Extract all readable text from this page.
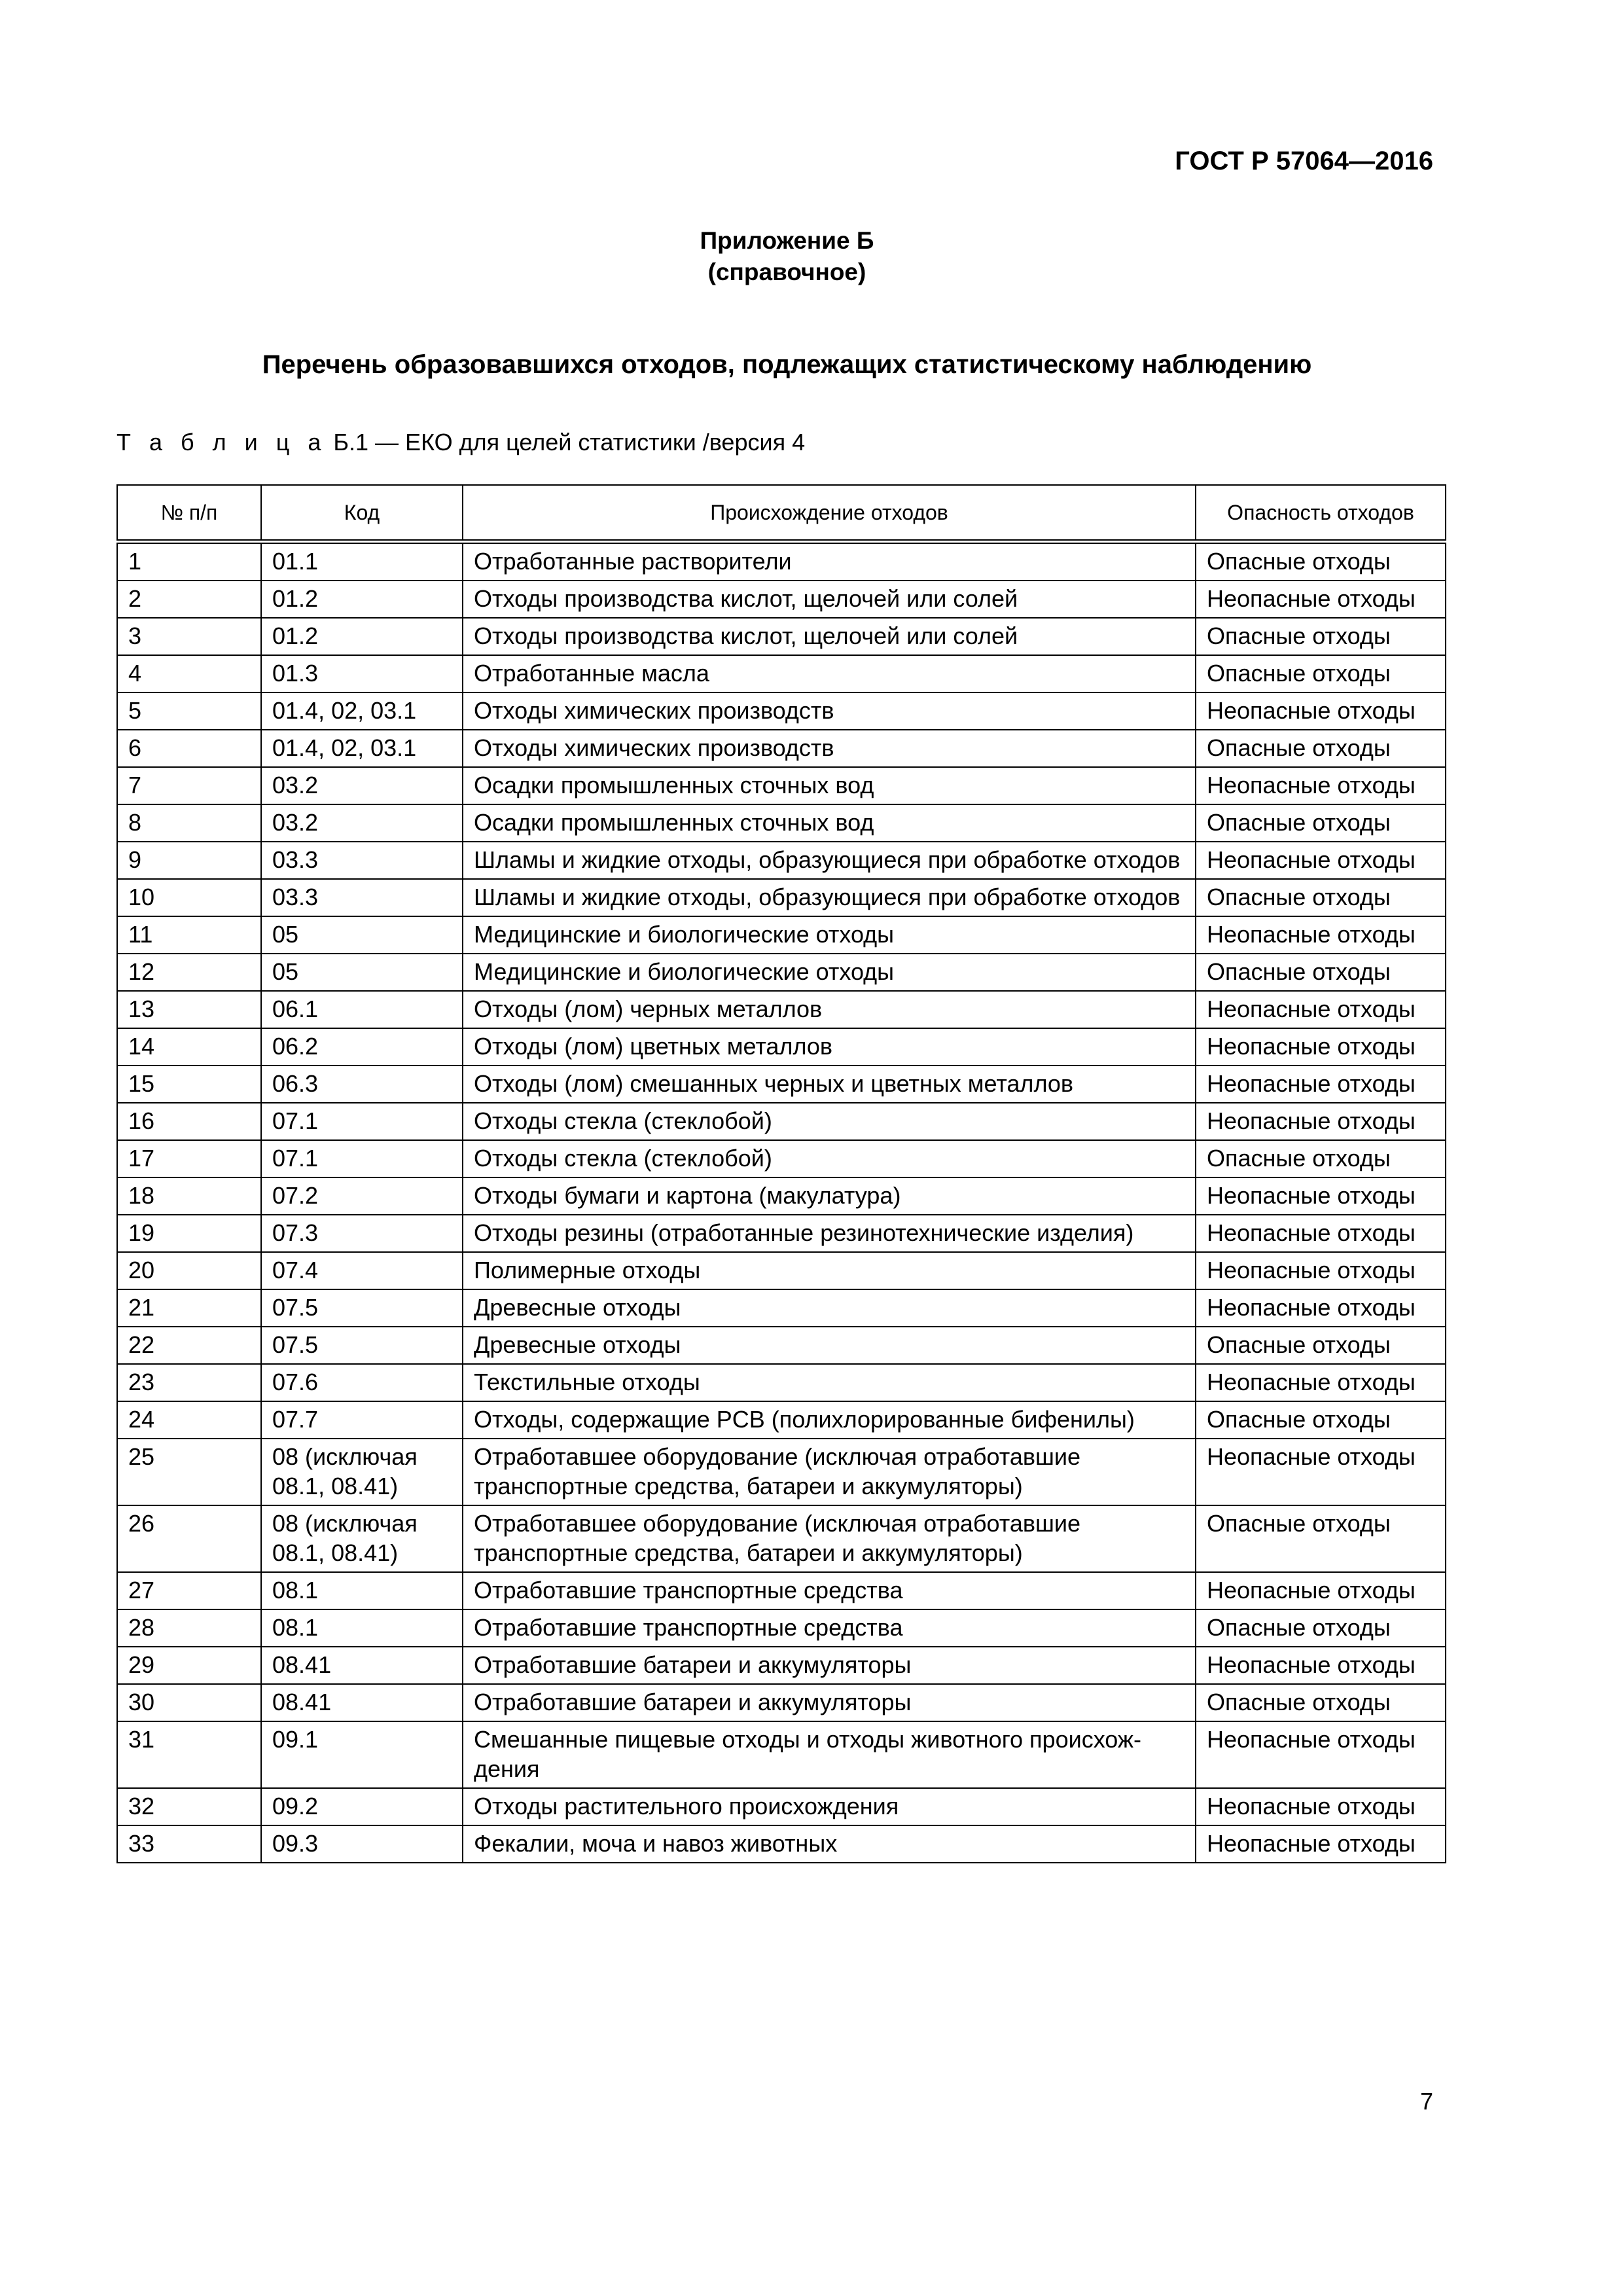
ГОСТ Р 57064—2016
Приложение Б
(справочное)
Перечень образовавшихся отходов, подлежащих статистическому наблюдению
Т а б л и ц а Б.1 — ЕКО для целей статистики /версия 4
№ п/п	Код	Происхождение отходов	Опасность отходов
1	01.1	Отработанные растворители	Опасные отходы
2	01.2	Отходы производства кислот, щелочей или солей	Неопасные отходы
3	01.2	Отходы производства кислот, щелочей или солей	Опасные отходы
4	01.3	Отработанные масла	Опасные отходы
5	01.4, 02, 03.1	Отходы химических производств	Неопасные отходы
6	01.4, 02, 03.1	Отходы химических производств	Опасные отходы
7	03.2	Осадки промышленных сточных вод	Неопасные отходы
8	03.2	Осадки промышленных сточных вод	Опасные отходы
9	03.3	Шламы и жидкие отходы, образующиеся при обработке отходов	Неопасные отходы
10	03.3	Шламы и жидкие отходы, образующиеся при обработке отходов	Опасные отходы
11	05	Медицинские и биологические отходы	Неопасные отходы
12	05	Медицинские и биологические отходы	Опасные отходы
13	06.1	Отходы (лом) черных металлов	Неопасные отходы
14	06.2	Отходы (лом) цветных металлов	Неопасные отходы
15	06.3	Отходы (лом) смешанных черных и цветных металлов	Неопасные отходы
16	07.1	Отходы стекла (стеклобой)	Неопасные отходы
17	07.1	Отходы стекла (стеклобой)	Опасные отходы
18	07.2	Отходы бумаги и картона (макулатура)	Неопасные отходы
19	07.3	Отходы резины (отработанные резинотехнические изделия)	Неопасные отходы
20	07.4	Полимерные отходы	Неопасные отходы
21	07.5	Древесные отходы	Неопасные отходы
22	07.5	Древесные отходы	Опасные отходы
23	07.6	Текстильные отходы	Неопасные отходы
24	07.7	Отходы, содержащие PCB (полихлорированные бифенилы)	Опасные отходы
25	08 (исключая 08.1, 08.41)	Отработавшее оборудование (исключая отработавшие транспортные средства, батареи и аккумуляторы)	Неопасные отходы
26	08 (исключая 08.1, 08.41)	Отработавшее оборудование (исключая отработавшие транспортные средства, батареи и аккумуляторы)	Опасные отходы
27	08.1	Отработавшие транспортные средства	Неопасные отходы
28	08.1	Отработавшие транспортные средства	Опасные отходы
29	08.41	Отработавшие батареи и аккумуляторы	Неопасные отходы
30	08.41	Отработавшие батареи и аккумуляторы	Опасные отходы
31	09.1	Смешанные пищевые отходы и отходы животного происхождения	Неопасные отходы
32	09.2	Отходы растительного происхождения	Неопасные отходы
33	09.3	Фекалии, моча и навоз животных	Неопасные отходы
7
